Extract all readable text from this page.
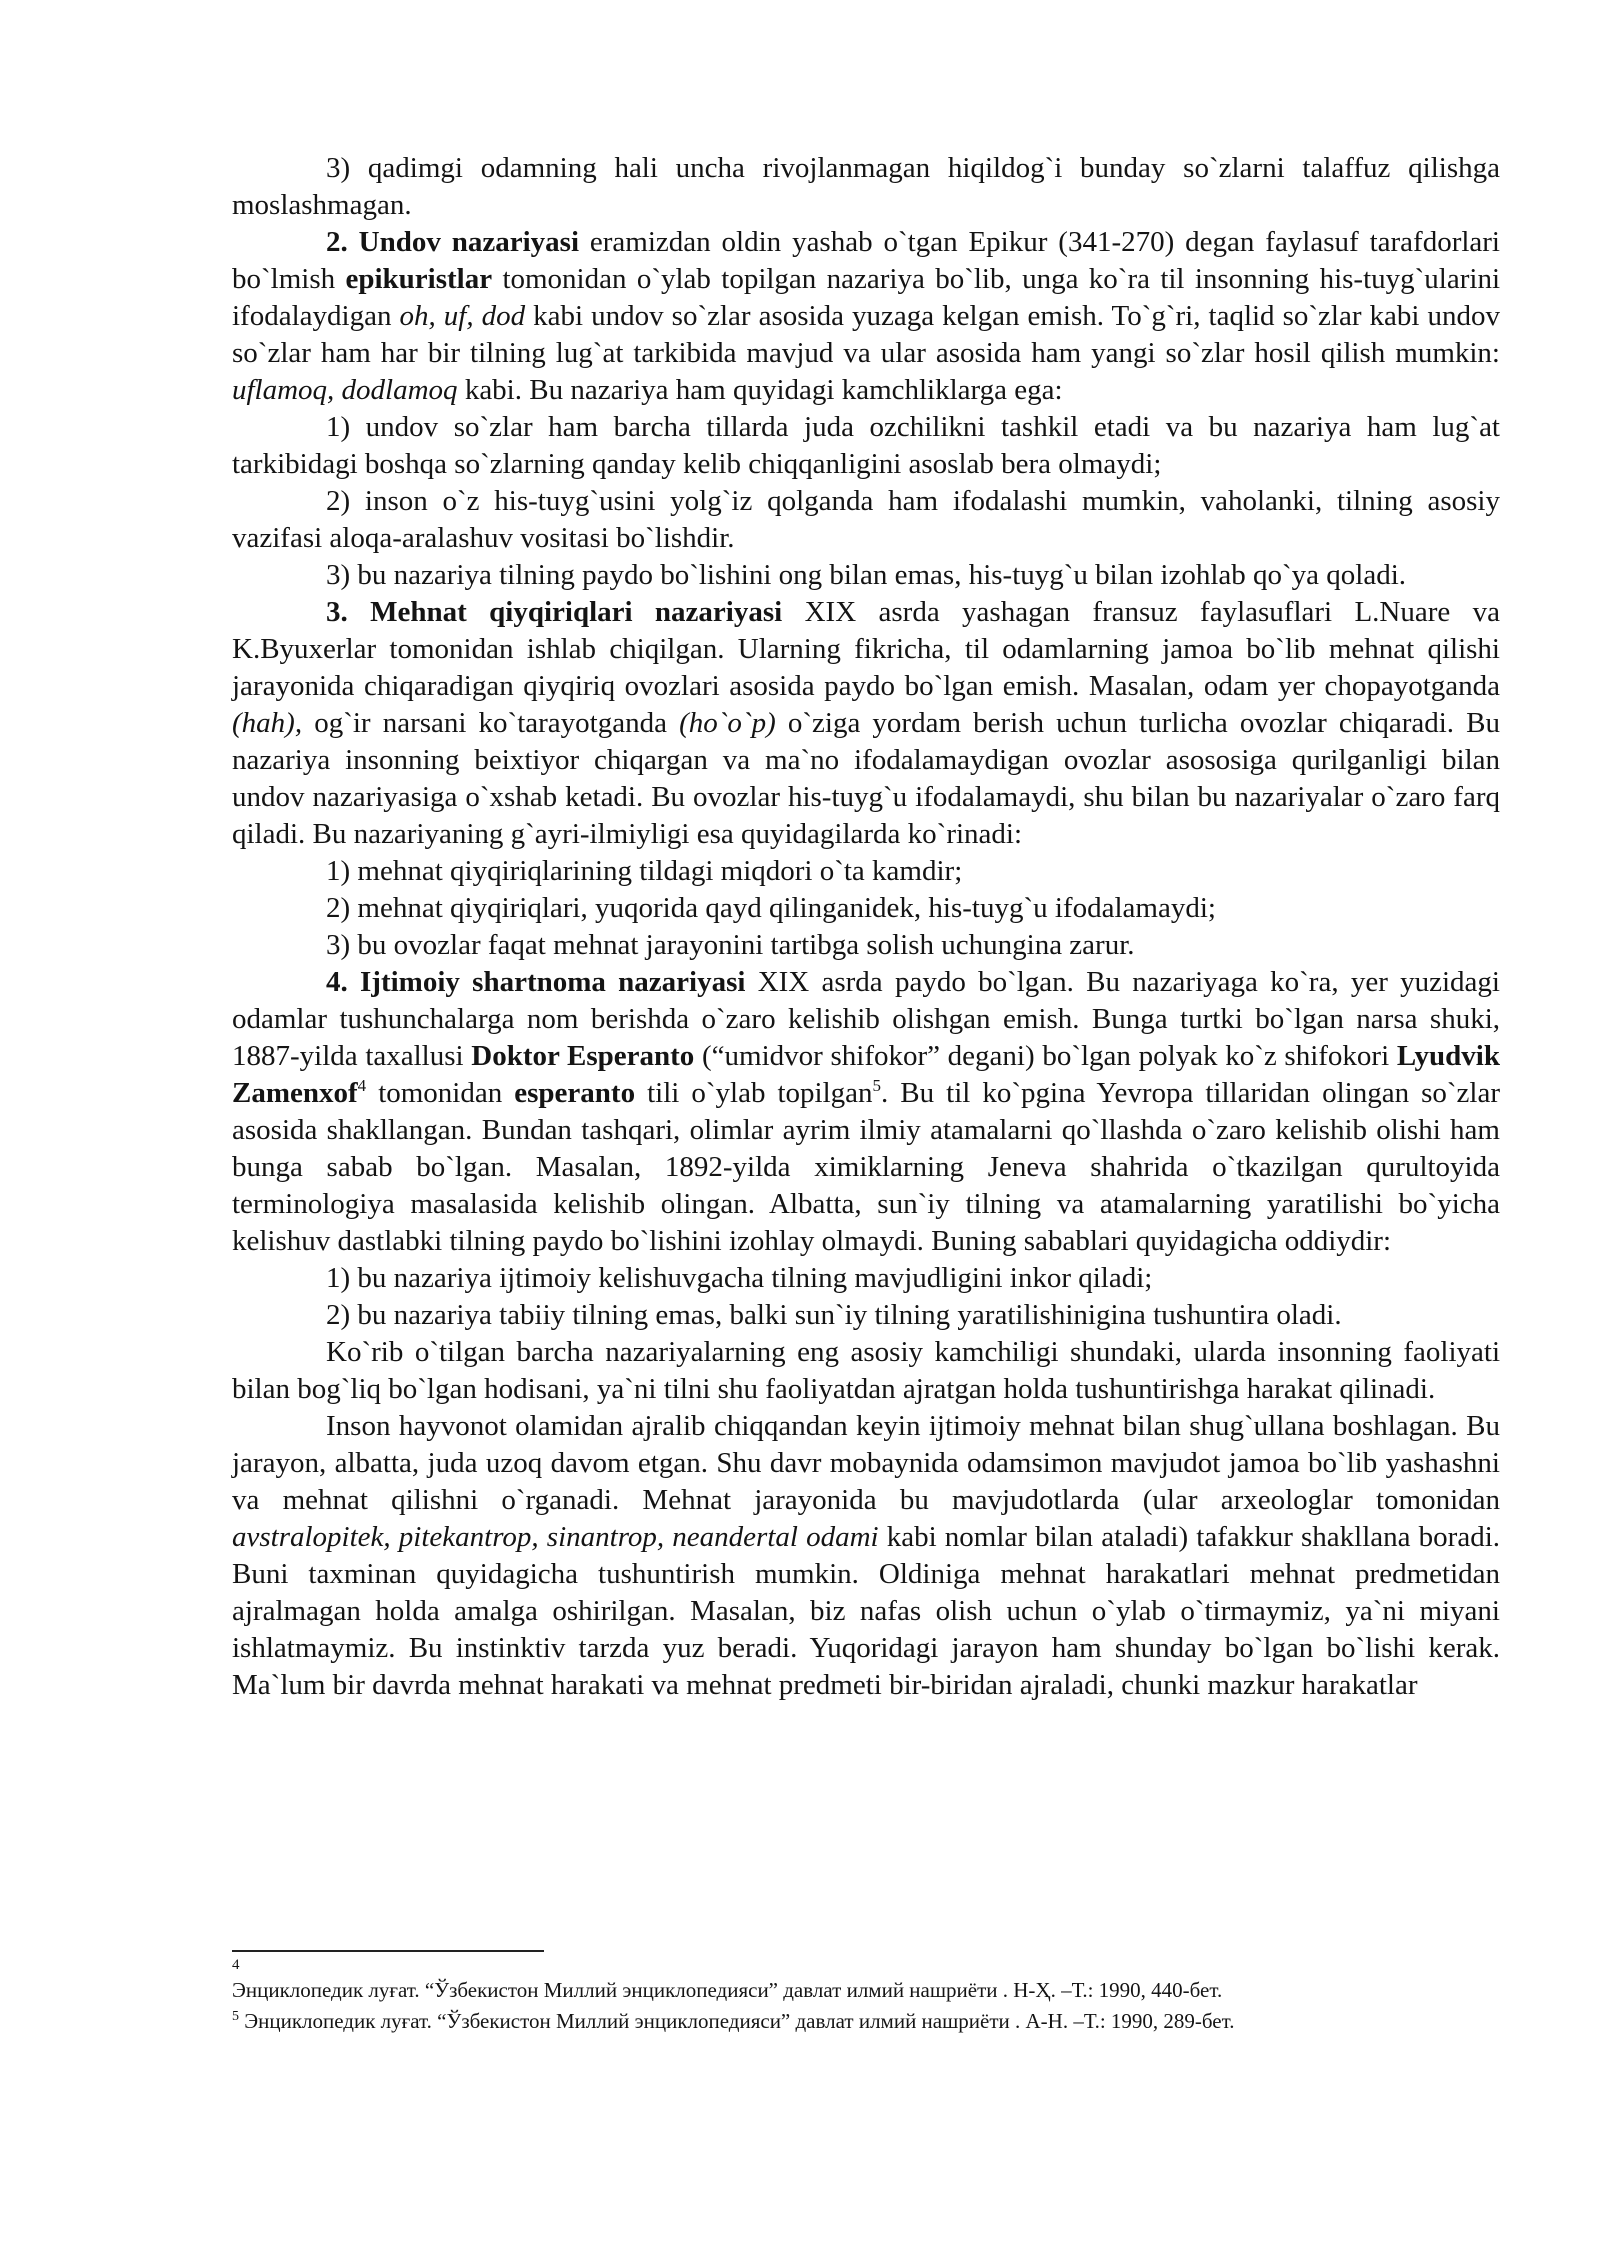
3) qadimgi odamning hali uncha rivojlanmagan hiqildog`i bunday so`zlarni talaffuz qilishga moslashmagan.

2. Undov nazariyasi eramizdan oldin yashab o`tgan Epikur (341-270) degan faylasuf tarafdorlari bo`lmish epikuristlar tomonidan o`ylab topilgan nazariya bo`lib, unga ko`ra til insonning his-tuyg`ularini ifodalaydigan oh, uf, dod kabi undov so`zlar asosida yuzaga kelgan emish. To`g`ri, taqlid so`zlar kabi undov so`zlar ham har bir tilning lug`at tarkibida mavjud va ular asosida ham yangi so`zlar hosil qilish mumkin: uflamoq, dodlamoq kabi. Bu nazariya ham quyidagi kamchliklarga ega:

1) undov so`zlar ham barcha tillarda juda ozchilikni tashkil etadi va bu nazariya ham lug`at tarkibidagi boshqa so`zlarning qanday kelib chiqqanligini asoslab bera olmaydi;

2) inson o`z his-tuyg`usini yolg`iz qolganda ham ifodalashi mumkin, vaholanki, tilning asosiy vazifasi aloqa-aralashuv vositasi bo`lishdir.

3) bu nazariya tilning paydo bo`lishini ong bilan emas, his-tuyg`u bilan izohlab qo`ya qoladi.

3. Mehnat qiyqiriqlari nazariyasi XIX asrda yashagan fransuz faylasuflari L.Nuare va K.Byuxerlar tomonidan ishlab chiqilgan. Ularning fikricha, til odamlarning jamoa bo`lib mehnat qilishi jarayonida chiqaradigan qiyqiriq ovozlari asosida paydo bo`lgan emish. Masalan, odam yer chopayotganda (hah), og`ir narsani ko`tarayotganda (ho`o`p) o`ziga yordam berish uchun turlicha ovozlar chiqaradi. Bu nazariya insonning beixtiyor chiqargan va ma`no ifodalamaydigan ovozlar asososiga qurilganligi bilan undov nazariyasiga o`xshab ketadi. Bu ovozlar his-tuyg`u ifodalamaydi, shu bilan bu nazariyalar o`zaro farq qiladi. Bu nazariyaning g`ayri-ilmiyligi esa quyidagilarda ko`rinadi:

1) mehnat qiyqiriqlarining tildagi miqdori o`ta kamdir;

2) mehnat qiyqiriqlari, yuqorida qayd qilinganidek, his-tuyg`u ifodalamaydi;

3) bu ovozlar faqat mehnat jarayonini tartibga solish uchungina zarur.

4. Ijtimoiy shartnoma nazariyasi XIX asrda paydo bo`lgan. Bu nazariyaga ko`ra, yer yuzidagi odamlar tushunchalarga nom berishda o`zaro kelishib olishgan emish. Bunga turtki bo`lgan narsa shuki, 1887-yilda taxallusi Doktor Esperanto (“umidvor shifokor” degani) bo`lgan polyak ko`z shifokori Lyudvik Zamenxof$^4$ tomonidan esperanto tili o`ylab topilgan$^5$. Bu til ko`pgina Yevropa tillaridan olingan so`zlar asosida shakllangan. Bundan tashqari, olimlar ayrim ilmiy atamalarni qo`llashda o`zaro kelishib olishi ham bunga sabab bo`lgan. Masalan, 1892-yilda ximiklarning Jeneva shahrida o`tkazilgan qurultoyida terminologiya masalasida kelishib olingan. Albatta, sun`iy tilning va atamalarning yaratilishi bo`yicha kelishuv dastlabki tilning paydo bo`lishini izohlay olmaydi. Buning sabablari quyidagicha oddiydir:

1) bu nazariya ijtimoiy kelishuvgacha tilning mavjudligini inkor qiladi;

2) bu nazariya tabiiy tilning emas, balki sun`iy tilning yaratilishinigina tushuntira oladi.

Ko`rib o`tilgan barcha nazariyalarning eng asosiy kamchiligi shundaki, ularda insonning faoliyati bilan bog`liq bo`lgan hodisani, ya`ni tilni shu faoliyatdan ajratgan holda tushuntirishga harakat qilinadi.

Inson hayvonot olamidan ajralib chiqqandan keyin ijtimoiy mehnat bilan shug`ullana boshlagan. Bu jarayon, albatta, juda uzoq davom etgan. Shu davr mobaynida odamsimon mavjudot jamoa bo`lib yashashni va mehnat qilishni o`rganadi. Mehnat jarayonida bu mavjudotlarda (ular arxeologlar tomonidan avstralopitek, pitekantrop, sinantrop, neandertal odami kabi nomlar bilan ataladi) tafakkur shakllana boradi. Buni taxminan quyidagicha tushuntirish mumkin. Oldiniga mehnat harakatlari mehnat predmetidan ajralmagan holda amalga oshirilgan. Masalan, biz nafas olish uchun o`ylab o`tirmaymiz, ya`ni miyani ishlatmaymiz. Bu instinktiv tarzda yuz beradi. Yuqoridagi jarayon ham shunday bo`lgan bo`lishi kerak. Ma`lum bir davrda mehnat harakati va mehnat predmeti bir-biridan ajraladi, chunki mazkur harakatlar

4

Энциклопедик луғат. “Ўзбекистон Миллий энциклопедияси” давлат илмий нашриёти . Н-Ҳ. –Т.: 1990, 440-бет.

$^5$ Энциклопедик луғат. “Ўзбекистон Миллий энциклопедияси” давлат илмий нашриёти . А-Н. –Т.: 1990, 289-бет.
